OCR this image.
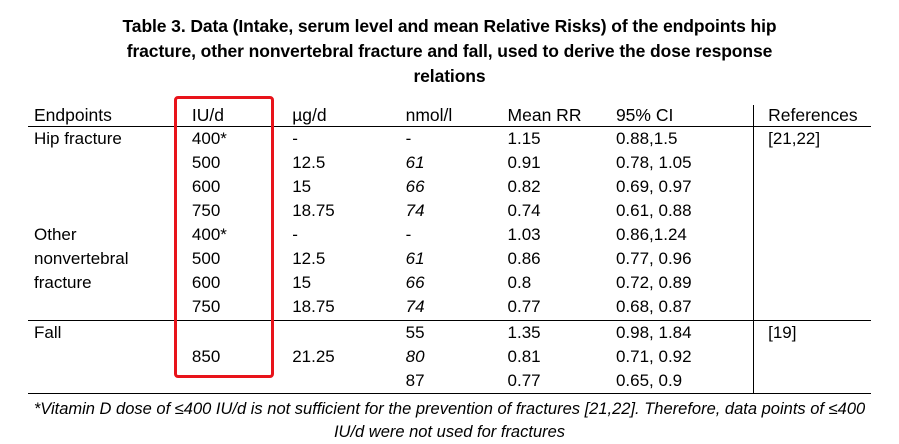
Table 3. Data (Intake, serum level and mean Relative Risks) of the endpoints hip fracture, other nonvertebral fracture and fall, used to derive the dose response relations
Endpoints	IU/d	µg/d	nmol/l	Mean RR	95% CI	References
Hip fracture	400*	-	-	1.15	0.88,1.5	[21,22]
	500	12.5	61	0.91	0.78, 1.05	
	600	15	66	0.82	0.69, 0.97	
	750	18.75	74	0.74	0.61, 0.88	
Other	400*	-	-	1.03	0.86,1.24	
nonvertebral	500	12.5	61	0.86	0.77, 0.96	
fracture	600	15	66	0.8	0.72, 0.89	
	750	18.75	74	0.77	0.68, 0.87	
Fall			55	1.35	0.98, 1.84	[19]
	850	21.25	80	0.81	0.71, 0.92	
			87	0.77	0.65, 0.9	
*Vitamin D dose of ≤400 IU/d is not sufficient for the prevention of fractures [21,22]. Therefore, data points of ≤400 IU/d were not used for fractures
